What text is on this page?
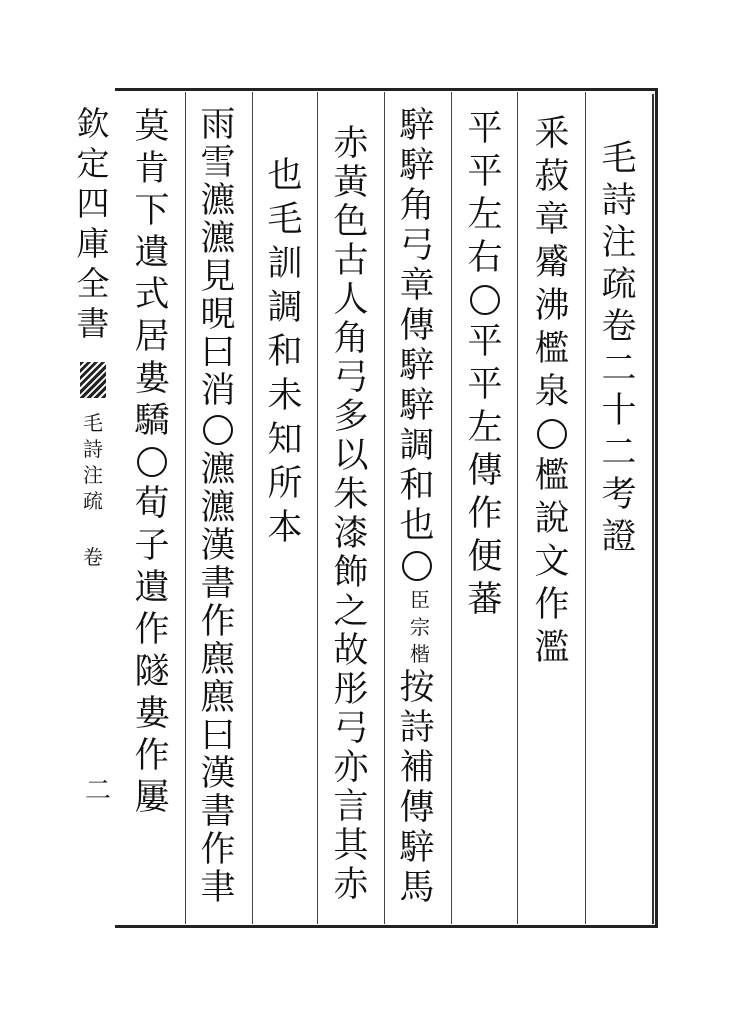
毛
詩
注
疏
卷
二
十
二
考
證
釆
菽
章
觱
沸
檻
泉
檻
說
文
作
濫
平
平
左
右
平
平
左
傳
作
便
蕃
騂
騂
角
弓
章
傳
騂
騂
調
和
也
臣
宗
楷
按
詩
補
傳
騂
馬
赤
黃
色
古
人
角
弓
多
以
朱
漆
飾
之
故
彤
弓
亦
言
其
赤
也
毛
訓
調
和
未
知
所
本
雨
雪
瀌
瀌
見
晛
曰
消
瀌
瀌
漢
書
作
麃
麃
曰
漢
書
作
聿
莫
肯
下
遺
式
居
婁
驕
荀
子
遺
作
隧
婁
作
屢
欽
定
四
庫
全
書
毛
詩
注
疏
卷
二
